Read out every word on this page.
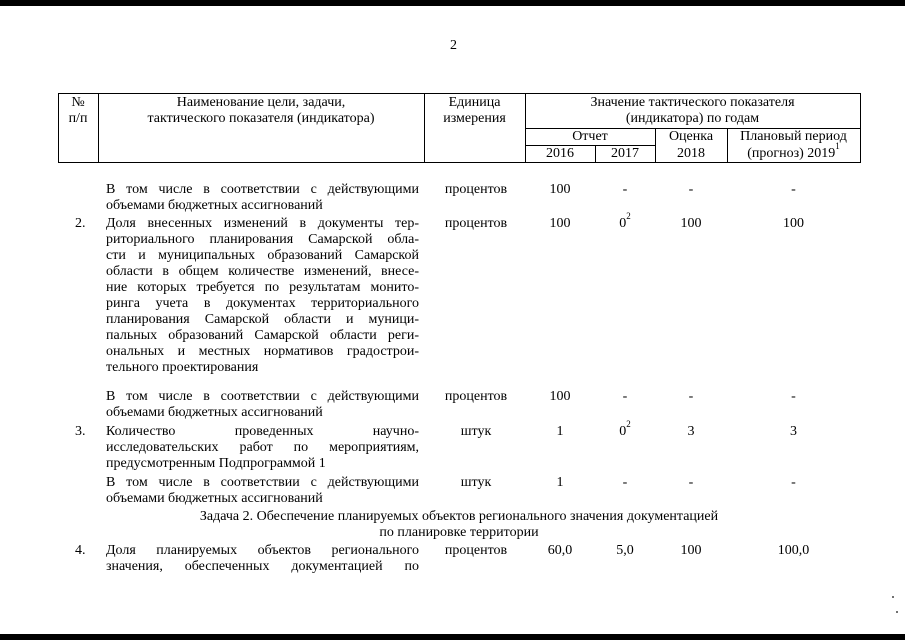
2
№
п/п
Наименование цели, задачи,
тактического показателя (индикатора)
Единица
измерения
Значение тактического показателя
(индикатора) по годам
Отчет	Оценка	Плановый период
2016	2017	2018	(прогноз) 2019$^1$
В том числе в соответствии с действующими
объемами бюджетных ассигнований
процентов	100	-	-	-
2. Доля внесенных изменений в документы тер-
риториального планирования Самарской обла-
сти и муниципальных образований Самарской
области в общем количестве изменений, внесе-
ние которых требуется по результатам монито-
ринга учета в документах территориального
планирования Самарской области и муници-
пальных образований Самарской области реги-
ональных и местных нормативов градострои-
тельного проектирования
процентов	100	$0^2$	100	100
В том числе в соответствии с действующими
объемами бюджетных ассигнований
процентов	100	-	-	-
3. Количество проведенных научно-
исследовательских работ по мероприятиям,
предусмотренным Подпрограммой 1
штук	1	$0^2$	3	3
В том числе в соответствии с действующими
объемами бюджетных ассигнований
штук	1	-	-	-
Задача 2. Обеспечение планируемых объектов регионального значения документацией
по планировке территории
4. Доля планируемых объектов регионального
значения, обеспеченных документацией по
процентов	60,0	5,0	100	100,0
